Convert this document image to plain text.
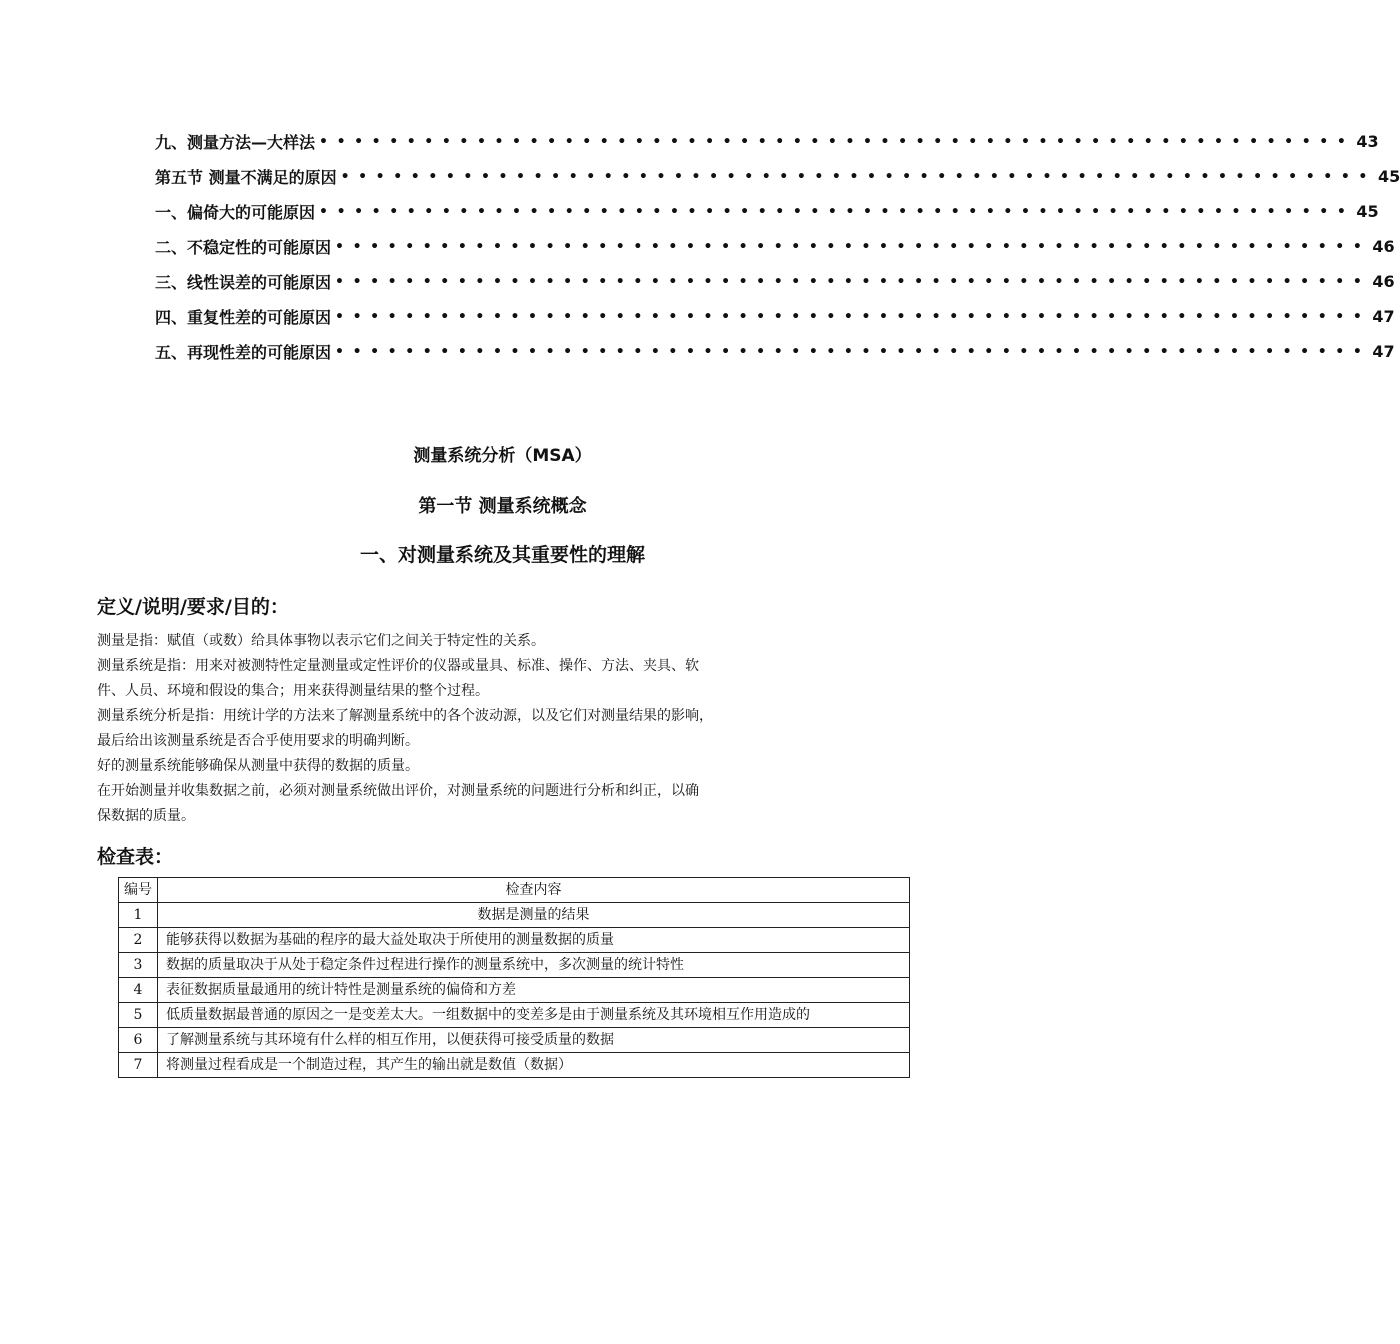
九、测量方法—大样法 ••••••••••••••••••••••••••••••••••••••••••••••••••••••••••• 43
第五节 测量不满足的原因 ••••••••••••••••••••••••••••••••••••••••••••••••••••••••••• 45
一、偏倚大的可能原因 ••••••••••••••••••••••••••••••••••••••••••••••••••••••••••• 45
二、不稳定性的可能原因 ••••••••••••••••••••••••••••••••••••••••••••••••••••••••••• 46
三、线性误差的可能原因 ••••••••••••••••••••••••••••••••••••••••••••••••••••••••••• 46
四、重复性差的可能原因 ••••••••••••••••••••••••••••••••••••••••••••••••••••••••••• 47
五、再现性差的可能原因 ••••••••••••••••••••••••••••••••••••••••••••••••••••••••••• 47
测量系统分析（MSA）
第一节 测量系统概念
一、对测量系统及其重要性的理解
定义/说明/要求/目的：

测量是指：赋值（或数）给具体事物以表示它们之间关于特定性的关系。

测量系统是指：用来对被测特性定量测量或定性评价的仪器或量具、标准、操作、方法、夹具、软

件、人员、环境和假设的集合；用来获得测量结果的整个过程。

测量系统分析是指：用统计学的方法来了解测量系统中的各个波动源，以及它们对测量结果的影响，

最后给出该测量系统是否合乎使用要求的明确判断。

好的测量系统能够确保从测量中获得的数据的质量。

在开始测量并收集数据之前，必须对测量系统做出评价，对测量系统的问题进行分析和纠正，以确

保数据的质量。

检查表：
编号	检查内容
1	数据是测量的结果
2	能够获得以数据为基础的程序的最大益处取决于所使用的测量数据的质量
3	数据的质量取决于从处于稳定条件过程进行操作的测量系统中，多次测量的统计特性
4	表征数据质量最通用的统计特性是测量系统的偏倚和方差
5	低质量数据最普通的原因之一是变差太大。一组数据中的变差多是由于测量系统及其环境相互作用造成的
6	了解测量系统与其环境有什么样的相互作用，以便获得可接受质量的数据
7	将测量过程看成是一个制造过程，其产生的输出就是数值（数据）
